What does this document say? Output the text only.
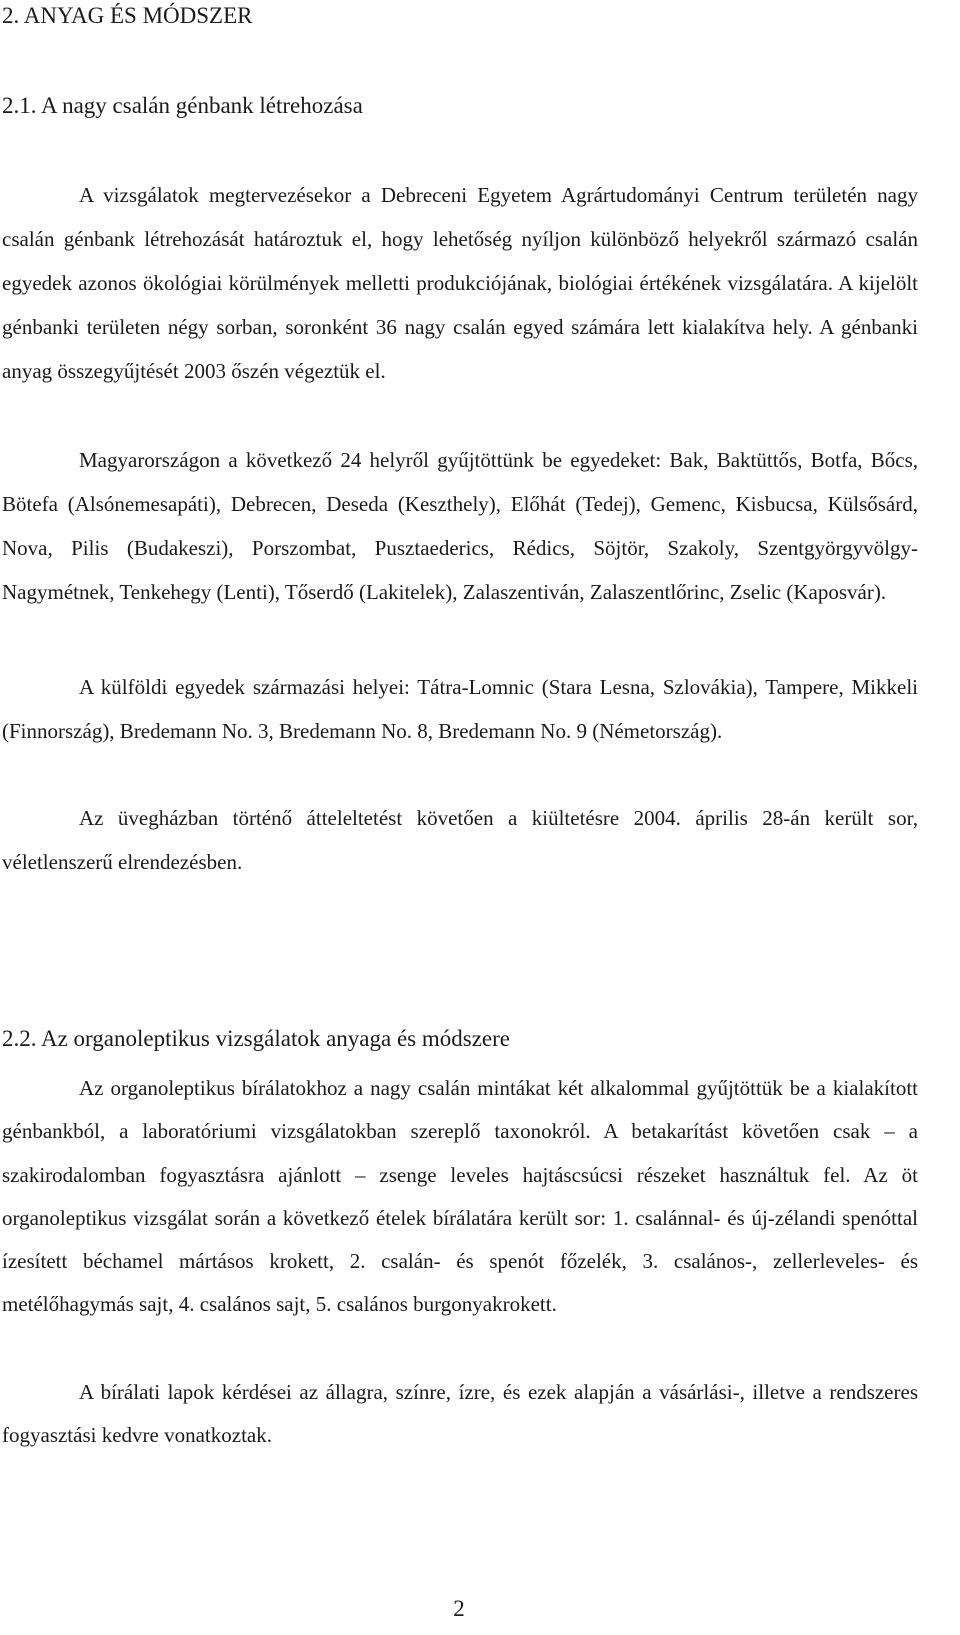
2. ANYAG ÉS MÓDSZER
2.1. A nagy csalán génbank létrehozása

A vizsgálatok megtervezésekor a Debreceni Egyetem Agrártudományi Centrum területén nagy csalán génbank létrehozását határoztuk el, hogy lehetőség nyíljon különböző helyekről származó csalán egyedek azonos ökológiai körülmények melletti produkciójának, biológiai értékének vizsgálatára. A kijelölt génbanki területen négy sorban, soronként 36 nagy csalán egyed számára lett kialakítva hely. A génbanki anyag összegyűjtését 2003 őszén végeztük el.

Magyarországon a következő 24 helyről gyűjtöttünk be egyedeket: Bak, Baktüttős, Botfa, Bőcs, Bötefa (Alsónemesapáti), Debrecen, Deseda (Keszthely), Előhát (Tedej), Gemenc, Kisbucsa, Külsősárd, Nova, Pilis (Budakeszi), Porszombat, Pusztaederics, Rédics, Söjtör, Szakoly, Szentgyörgyvölgy-Nagymétnek, Tenkehegy (Lenti), Tőserdő (Lakitelek), Zalaszentiván, Zalaszentlőrinc, Zselic (Kaposvár).

A külföldi egyedek származási helyei: Tátra-Lomnic (Stara Lesna, Szlovákia), Tampere, Mikkeli (Finnország), Bredemann No. 3, Bredemann No. 8, Bredemann No. 9 (Németország).

Az üvegházban történő átteleltetést követően a kiültetésre 2004. április 28-án került sor, véletlenszerű elrendezésben.

2.2. Az organoleptikus vizsgálatok anyaga és módszere

Az organoleptikus bírálatokhoz a nagy csalán mintákat két alkalommal gyűjtöttük be a kialakított génbankból, a laboratóriumi vizsgálatokban szereplő taxonokról. A betakarítást követően csak – a szakirodalomban fogyasztásra ajánlott – zsenge leveles hajtáscsúcsi részeket használtuk fel. Az öt organoleptikus vizsgálat során a következő ételek bírálatára került sor: 1. csalánnal- és új-zélandi spenóttal ízesített béchamel mártásos krokett, 2. csalán- és spenót főzelék, 3. csalános-, zellerleveles- és metélőhagymás sajt, 4. csalános sajt, 5. csalános burgonyakrokett.

A bírálati lapok kérdései az állagra, színre, ízre, és ezek alapján a vásárlási-, illetve a rendszeres fogyasztási kedvre vonatkoztak.

2
